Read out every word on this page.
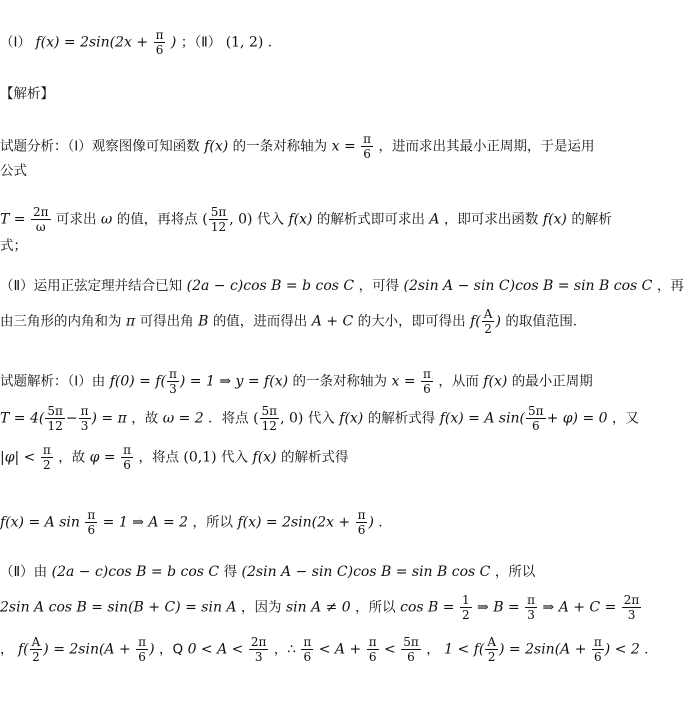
（Ⅰ） $f(x) = 2\sin(2x + \frac{\pi}{6}$ ) ；（Ⅱ） (1, 2) ．
【解析】
试题分析：（Ⅰ）观察图像可知函数 f(x) 的一条对称轴为 $x = \frac{\pi}{6}$ ，进而求出其最小正周期，于是运用
公式
$T = \frac{2\pi}{\omega}$ 可求出 ω 的值，再将点 ( $\frac{5\pi}{12}$ , 0) 代入 f(x) 的解析式即可求出 A ，即可求出函数 f(x) 的解析
式；
（Ⅱ）运用正弦定理并结合已知 (2a − c)cos B = b cos C ，可得 (2sin A − sin C)cos B = sin B cos C ，再
由三角形的内角和为 π 可得出角 B 的值，进而得出 A + C 的大小，即可得出 $f( \frac{A}{2}$ ) 的取值范围．
试题解析：（Ⅰ）由 $f(0) = f( \frac{\pi}{3}$ ) = 1 ⇒ y = f(x) 的一条对称轴为 $x = \frac{\pi}{6}$ ，从而 f(x) 的最小正周期
$T = 4( \frac{5\pi}{12} - \frac{\pi}{3}$ ) = π ，故 ω = 2 ．将点 ( $\frac{5\pi}{12}$ , 0) 代入 f(x) 的解析式得 f(x) = A $\sin( \frac{5\pi}{6} + \varphi) = 0$ ，又
$|\varphi| < \frac{\pi}{2}$ ，故 $\varphi = \frac{\pi}{6}$ ，将点 (0,1) 代入 f(x) 的解析式得
f(x) = A $\sin \frac{\pi}{6} = 1$ ⇒ A = 2 ，所以 $f(x) = 2\sin(2x + \frac{\pi}{6}$ ) ．
（Ⅱ）由 (2a − c)cos B = b cos C 得 (2sin A − sin C)cos B = sin B cos C ，所以
2sin A cos B = sin(B + C) = sin A ，因为 sin A ≠ 0 ，所以 $\cos B = \frac{1}{2}$ ⇒ $B = \frac{\pi}{3}$ ⇒ $A + C = \frac{2\pi}{3}$
， $f( \frac{A}{2}$ ) = $2\sin(A + \frac{\pi}{6}$ ) ，Q $0 < A < \frac{2\pi}{3}$ ，∴ $\frac{\pi}{6} < A + \frac{\pi}{6} < \frac{5\pi}{6}$ ， $1 < f( \frac{A}{2}$ ) = $2\sin(A + \frac{\pi}{6}$ ) < 2 ．
